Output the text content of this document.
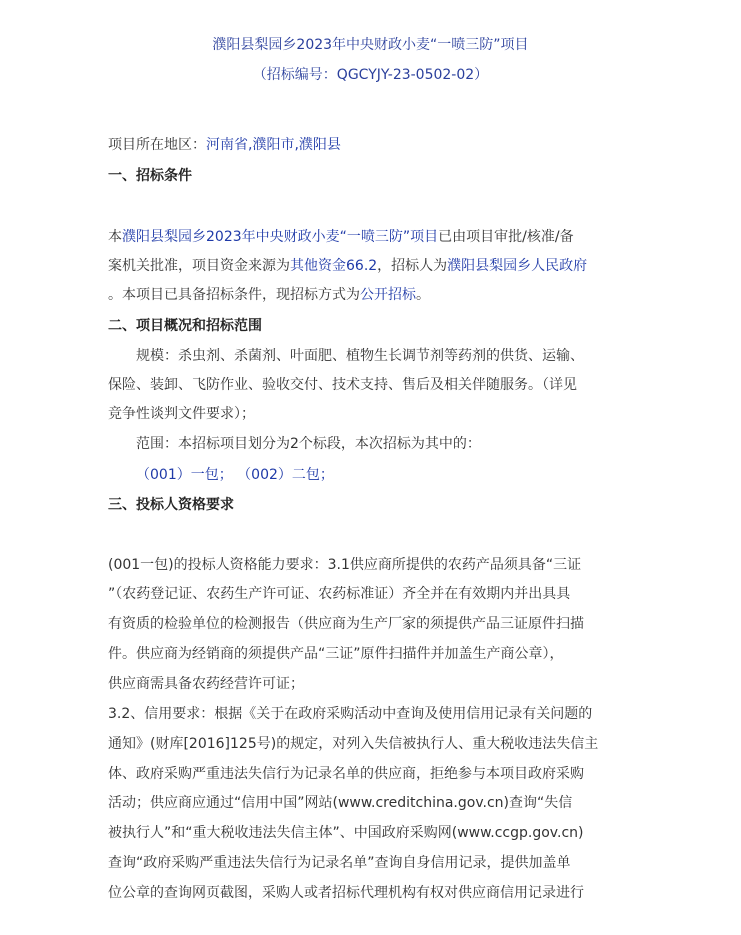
濮阳县梨园乡2023年中央财政小麦“一喷三防”项目
（招标编号：QGCYJY-23-0502-02）
项目所在地区：河南省,濮阳市,濮阳县
一、招标条件
本濮阳县梨园乡2023年中央财政小麦“一喷三防”项目已由项目审批/核准/备
案机关批准，项目资金来源为其他资金66.2，招标人为濮阳县梨园乡人民政府
。本项目已具备招标条件，现招标方式为公开招标。
二、项目概况和招标范围
规模：杀虫剂、杀菌剂、叶面肥、植物生长调节剂等药剂的供货、运输、
保险、装卸、飞防作业、验收交付、技术支持、售后及相关伴随服务。（详见
竞争性谈判文件要求）；
范围：本招标项目划分为2个标段，本次招标为其中的：
（001）一包； （002）二包；
三、投标人资格要求
(001一包)的投标人资格能力要求：3.1供应商所提供的农药产品须具备“三证
”（农药登记证、农药生产许可证、农药标准证）齐全并在有效期内并出具具
有资质的检验单位的检测报告（供应商为生产厂家的须提供产品三证原件扫描
件。供应商为经销商的须提供产品“三证”原件扫描件并加盖生产商公章），
供应商需具备农药经营许可证；
3.2、信用要求：根据《关于在政府采购活动中查询及使用信用记录有关问题的
通知》(财库[2016]125号)的规定，对列入失信被执行人、重大税收违法失信主
体、政府采购严重违法失信行为记录名单的供应商，拒绝参与本项目政府采购
活动；供应商应通过“信用中国”网站(www.creditchina.gov.cn)查询“失信
被执行人”和“重大税收违法失信主体”、中国政府采购网(www.ccgp.gov.cn)
查询“政府采购严重违法失信行为记录名单”查询自身信用记录，提供加盖单
位公章的查询网页截图，采购人或者招标代理机构有权对供应商信用记录进行
